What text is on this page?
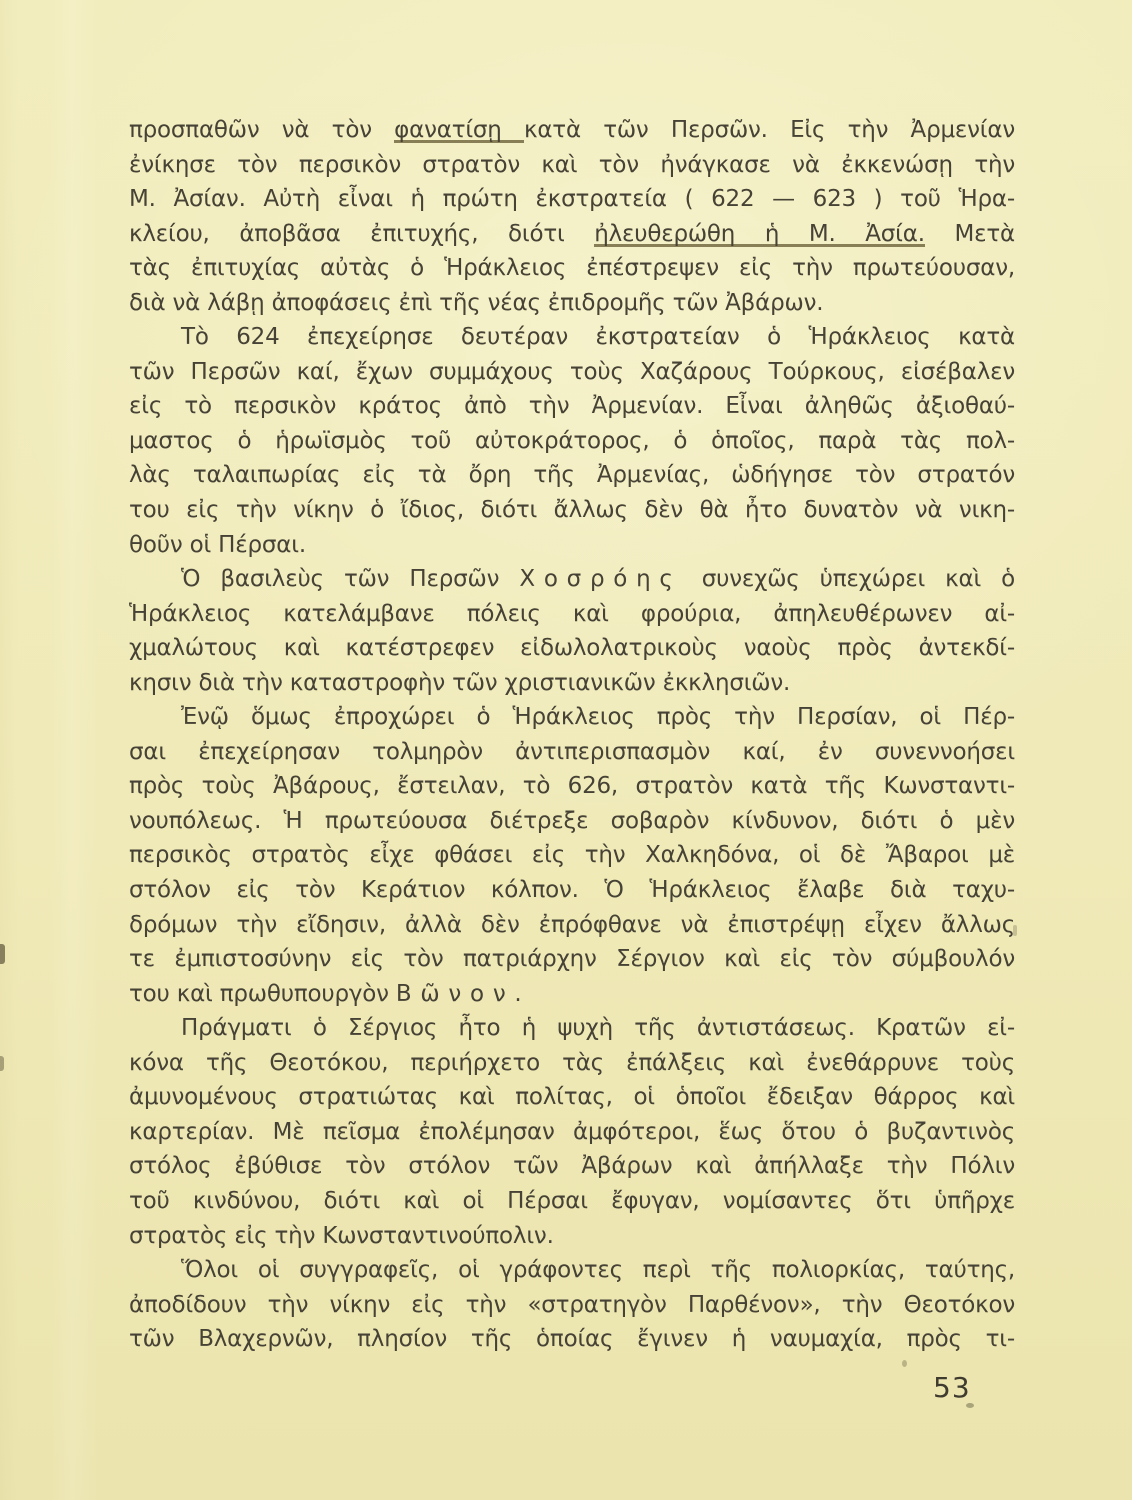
προσπαθῶν νὰ τὸν φανατίσῃ κατὰ τῶν Περσῶν. Εἰς τὴν Ἀρμενίαν
ἐνίκησε τὸν περσικὸν στρατὸν καὶ τὸν ἠνάγκασε νὰ ἐκκενώσῃ τὴν
Μ. Ἀσίαν. Αὐτὴ εἶναι ἡ πρώτη ἐκστρατεία ( 622 — 623 ) τοῦ Ἡρα-
κλείου, ἀποβᾶσα ἐπιτυχής, διότι ἠλευθερώθη ἡ Μ. Ἀσία. Μετὰ
τὰς ἐπιτυχίας αὐτὰς ὁ Ἡράκλειος ἐπέστρεψεν εἰς τὴν πρωτεύουσαν,
διὰ νὰ λάβῃ ἀποφάσεις ἐπὶ τῆς νέας ἐπιδρομῆς τῶν Ἀβάρων.
Τὸ 624 ἐπεχείρησε δευτέραν ἐκστρατείαν ὁ Ἡράκλειος κατὰ
τῶν Περσῶν καί, ἔχων συμμάχους τοὺς Χαζάρους Τούρκους, εἰσέβαλεν
εἰς τὸ περσικὸν κράτος ἀπὸ τὴν Ἀρμενίαν. Εἶναι ἀληθῶς ἀξιοθαύ-
μαστος ὁ ἡρωϊσμὸς τοῦ αὐτοκράτορος, ὁ ὁποῖος, παρὰ τὰς πολ-
λὰς ταλαιπωρίας εἰς τὰ ὄρη τῆς Ἀρμενίας, ὡδήγησε τὸν στρατόν
του εἰς τὴν νίκην ὁ ἴδιος, διότι ἄλλως δὲν θὰ ἦτο δυνατὸν νὰ νικη-
θοῦν οἱ Πέρσαι.
Ὁ βασιλεὺς τῶν Περσῶν Χοσρόης συνεχῶς ὑπεχώρει καὶ ὁ
Ἡράκλειος κατελάμβανε πόλεις καὶ φρούρια, ἀπηλευθέρωνεν αἰ-
χμαλώτους καὶ κατέστρεφεν εἰδωλολατρικοὺς ναοὺς πρὸς ἀντεκδί-
κησιν διὰ τὴν καταστροφὴν τῶν χριστιανικῶν ἐκκλησιῶν.
Ἐνῷ ὅμως ἐπροχώρει ὁ Ἡράκλειος πρὸς τὴν Περσίαν, οἱ Πέρ-
σαι ἐπεχείρησαν τολμηρὸν ἀντιπερισπασμὸν καί, ἐν συνεννοήσει
πρὸς τοὺς Ἀβάρους, ἔστειλαν, τὸ 626, στρατὸν κατὰ τῆς Κωνσταντι-
νουπόλεως. Ἡ πρωτεύουσα διέτρεξε σοβαρὸν κίνδυνον, διότι ὁ μὲν
περσικὸς στρατὸς εἶχε φθάσει εἰς τὴν Χαλκηδόνα, οἱ δὲ Ἄβαροι μὲ
στόλον εἰς τὸν Κεράτιον κόλπον. Ὁ Ἡράκλειος ἔλαβε διὰ ταχυ-
δρόμων τὴν εἴδησιν, ἀλλὰ δὲν ἐπρόφθανε νὰ ἐπιστρέψῃ εἶχεν ἄλλως
τε ἐμπιστοσύνην εἰς τὸν πατριάρχην Σέργιον καὶ εἰς τὸν σύμβουλόν
του καὶ πρωθυπουργὸν Βῶνον.
Πράγματι ὁ Σέργιος ἦτο ἡ ψυχὴ τῆς ἀντιστάσεως. Κρατῶν εἰ-
κόνα τῆς Θεοτόκου, περιήρχετο τὰς ἐπάλξεις καὶ ἐνεθάρρυνε τοὺς
ἀμυνομένους στρατιώτας καὶ πολίτας, οἱ ὁποῖοι ἔδειξαν θάρρος καὶ
καρτερίαν. Μὲ πεῖσμα ἐπολέμησαν ἀμφότεροι, ἕως ὅτου ὁ βυζαντινὸς
στόλος ἐβύθισε τὸν στόλον τῶν Ἀβάρων καὶ ἀπήλλαξε τὴν Πόλιν
τοῦ κινδύνου, διότι καὶ οἱ Πέρσαι ἔφυγαν, νομίσαντες ὅτι ὑπῆρχε
στρατὸς εἰς τὴν Κωνσταντινούπολιν.
Ὅλοι οἱ συγγραφεῖς, οἱ γράφοντες περὶ τῆς πολιορκίας, ταύτης,
ἀποδίδουν τὴν νίκην εἰς τὴν «στρατηγὸν Παρθένον», τὴν Θεοτόκον
τῶν Βλαχερνῶν, πλησίον τῆς ὁποίας ἔγινεν ἡ ναυμαχία, πρὸς τι-
53
